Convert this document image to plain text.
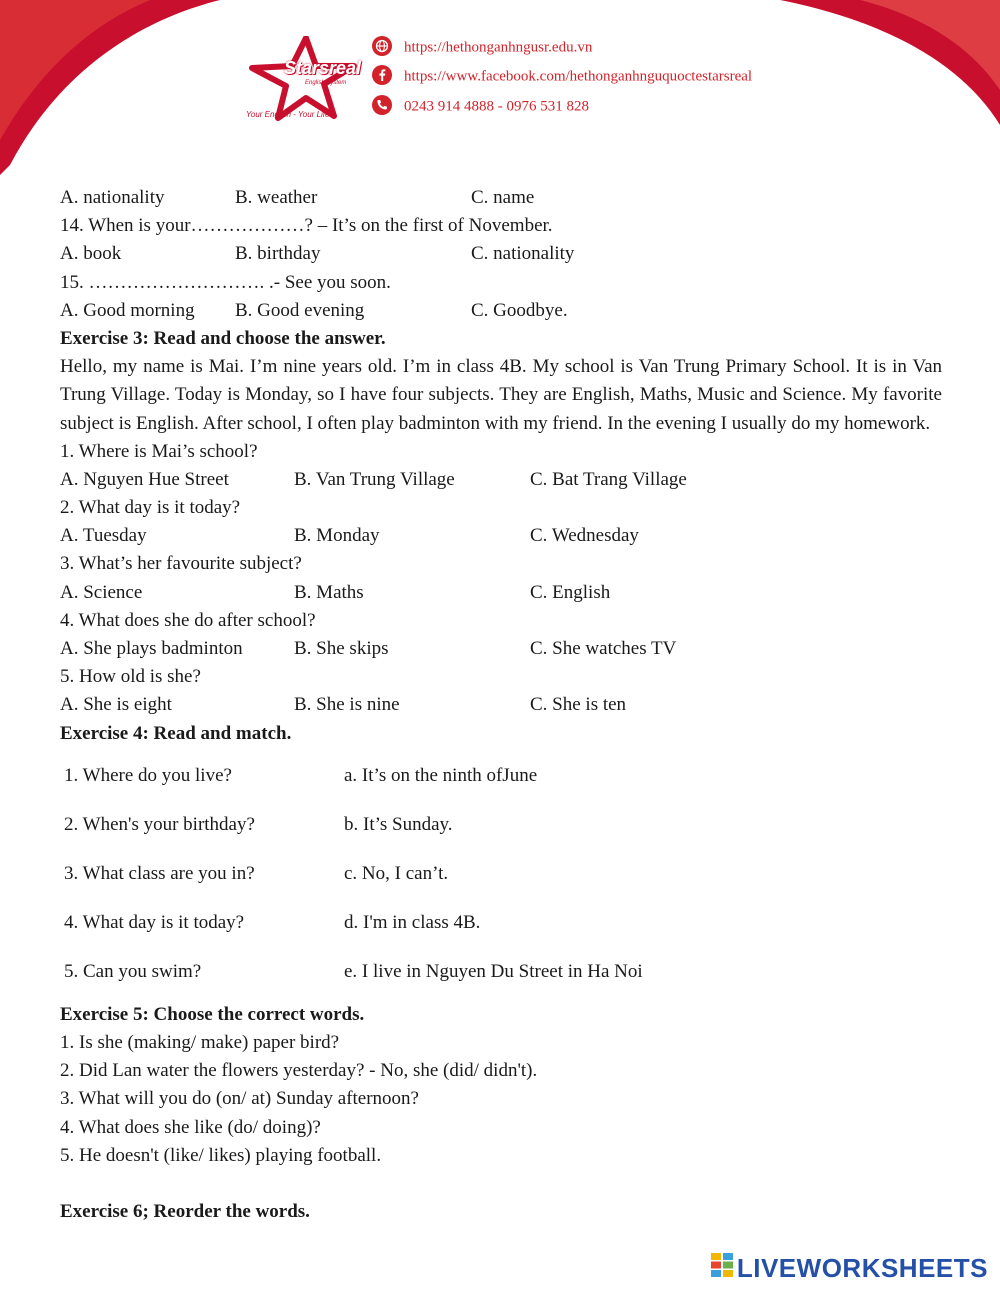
Starsreal
English System
Your English - Your Life
https://hethonganhngusr.edu.vn
https://www.facebook.com/hethonganhnguquoctestarsreal
0243 914 4888 - 0976 531 828
A. nationality	B. weather	C. name
14. When is your………………? – It’s on the first of November.
A. book	B. birthday	C. nationality
15. ………………………. .- See you soon.
A. Good morning B. Good evening	C. Goodbye.
Exercise 3: Read and choose the answer.
Hello, my name is Mai. I’m nine years old. I’m in class 4B. My school is Van Trung Primary School. It is in Van Trung Village. Today is Monday, so I have four subjects. They are English, Maths, Music and Science. My favorite subject is English. After school, I often play badminton with my friend. In the evening I usually do my homework.
1. Where is Mai’s school?
A. Nguyen Hue Street	B. Van Trung Village	C. Bat Trang Village
2. What day is it today?
A. Tuesday	B. Monday	C. Wednesday
3. What’s her favourite subject?
A. Science	B. Maths	C. English
4. What does she do after school?
A. She plays badminton	B. She skips	C. She watches TV
5. How old is she?
A. She is eight	B. She is nine	C. She is ten
Exercise 4: Read and match.
1. Where do you live?	a. It’s on the ninth ofJune
2. When's your birthday?	b. It’s Sunday.
3. What class are you in?	c. No, I can’t.
4. What day is it today?	d. I'm in class 4B.
5. Can you swim?	e. I live in Nguyen Du Street in Ha Noi
Exercise 5: Choose the correct words.
1. Is she (making/ make) paper bird?
2. Did Lan water the flowers yesterday? - No, she (did/ didn't).
3. What will you do (on/ at) Sunday afternoon?
4. What does she like (do/ doing)?
5. He doesn't (like/ likes) playing football.
Exercise 6; Reorder the words.
LIVEWORKSHEETS
